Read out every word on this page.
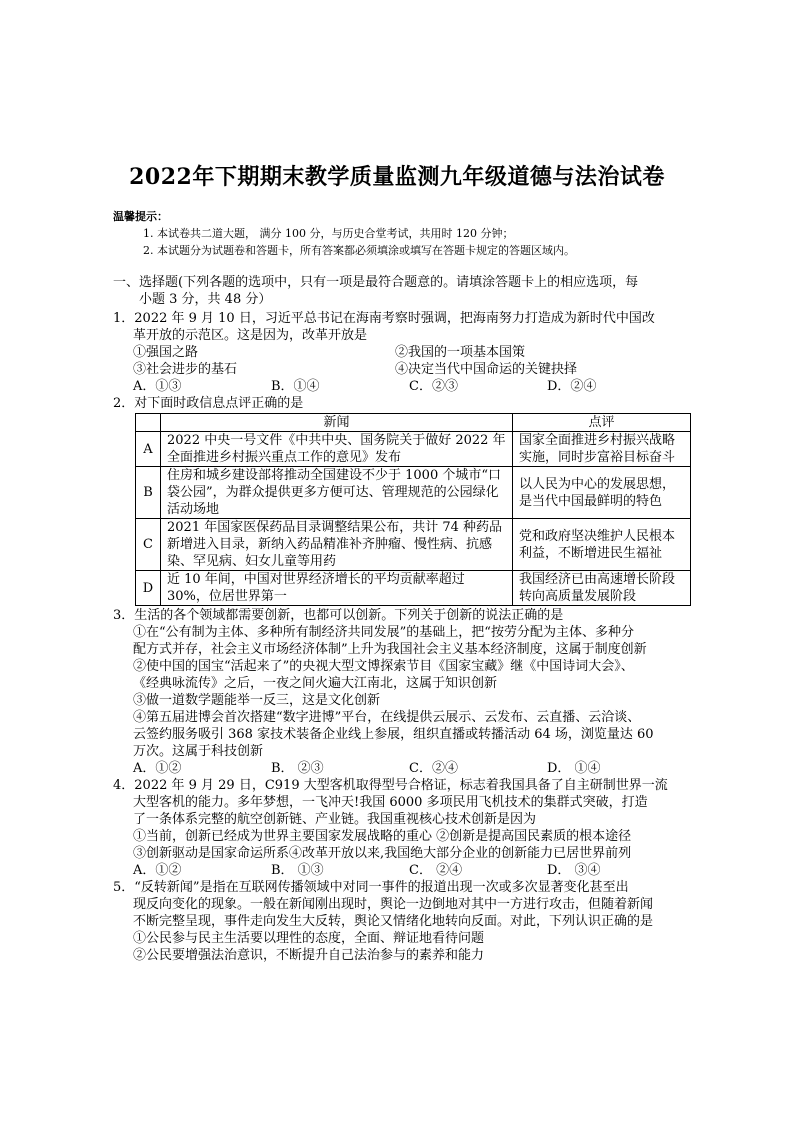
2022年下期期末教学质量监测九年级道德与法治试卷
温馨提示：
1. 本试卷共二道大题， 满分 100 分，与历史合堂考试，共用时 120 分钟；
2. 本试题分为试题卷和答题卡，所有答案都必须填涂或填写在答题卡规定的答题区域内。
一、选择题(下列各题的选项中，只有一项是最符合题意的。请填涂答题卡上的相应选项，每
小题 3 分，共 48 分）
1．2022 年 9 月 10 日，习近平总书记在海南考察时强调，把海南努力打造成为新时代中国改
革开放的示范区。这是因为，改革开放是
①强国之路	②我国的一项基本国策
③社会进步的基石	④决定当代中国命运的关键抉择
A．①③	B．①④	C．②③	D．②④
2．对下面时政信息点评正确的是
	新闻	点评
A	2022 中央一号文件《中共中央、国务院关于做好 2022 年全面推进乡村振兴重点工作的意见》发布	国家全面推进乡村振兴战略实施，同时步富裕目标奋斗
B	住房和城乡建设部将推动全国建设不少于 1000 个城市“口袋公园”，为群众提供更多方便可达、管理规范的公园绿化活动场地	以人民为中心的发展思想，是当代中国最鲜明的特色
C	2021 年国家医保药品目录调整结果公布，共计 74 种药品新增进入目录，新纳入药品精准补齐肿瘤、慢性病、抗感染、罕见病、妇女儿童等用药	党和政府坚决维护人民根本利益，不断增进民生福祉
D	近 10 年间，中国对世界经济增长的平均贡献率超过 30%，位居世界第一	我国经济已由高速增长阶段转向高质量发展阶段
3．生活的各个领域都需要创新，也都可以创新。下列关于创新的说法正确的是
①在“公有制为主体、多种所有制经济共同发展”的基础上，把“按劳分配为主体、多种分
配方式并存，社会主义市场经济体制”上升为我国社会主义基本经济制度，这属于制度创新
②使中国的国宝“活起来了”的央视大型文博探索节目《国家宝藏》继《中国诗词大会》、
《经典咏流传》之后，一夜之间火遍大江南北，这属于知识创新
③做一道数学题能举一反三，这是文化创新
④第五届进博会首次搭建“数字进博”平台，在线提供云展示、云发布、云直播、云洽谈、
云签约服务吸引 368 家技术装备企业线上参展，组织直播或转播活动 64 场，浏览量达 60
万次。这属于科技创新
A．①②	B． ②③	C．②④	D． ①④
4．2022 年 9 月 29 日，C919 大型客机取得型号合格证，标志着我国具备了自主研制世界一流
大型客机的能力。多年梦想，一飞冲天!我国 6000 多项民用飞机技术的集群式突破，打造
了一条体系完整的航空创新链、产业链。我国重视核心技术创新是因为
①当前，创新已经成为世界主要国家发展战略的重心 ②创新是提高国民素质的根本途径
③创新驱动是国家命运所系④改革开放以来,我国绝大部分企业的创新能力已居世界前列
A．①②	B． ①③	C． ②④	D． ③④
5．“反转新闻”是指在互联网传播领域中对同一事件的报道出现一次或多次显著变化甚至出
现反向变化的现象。一般在新闻刚出现时，舆论一边倒地对其中一方进行攻击，但随着新闻
不断完整呈现，事件走向发生大反转，舆论又情绪化地转向反面。对此，下列认识正确的是
①公民参与民主生活要以理性的态度，全面、辩证地看待问题
②公民要增强法治意识，不断提升自己法治参与的素养和能力
